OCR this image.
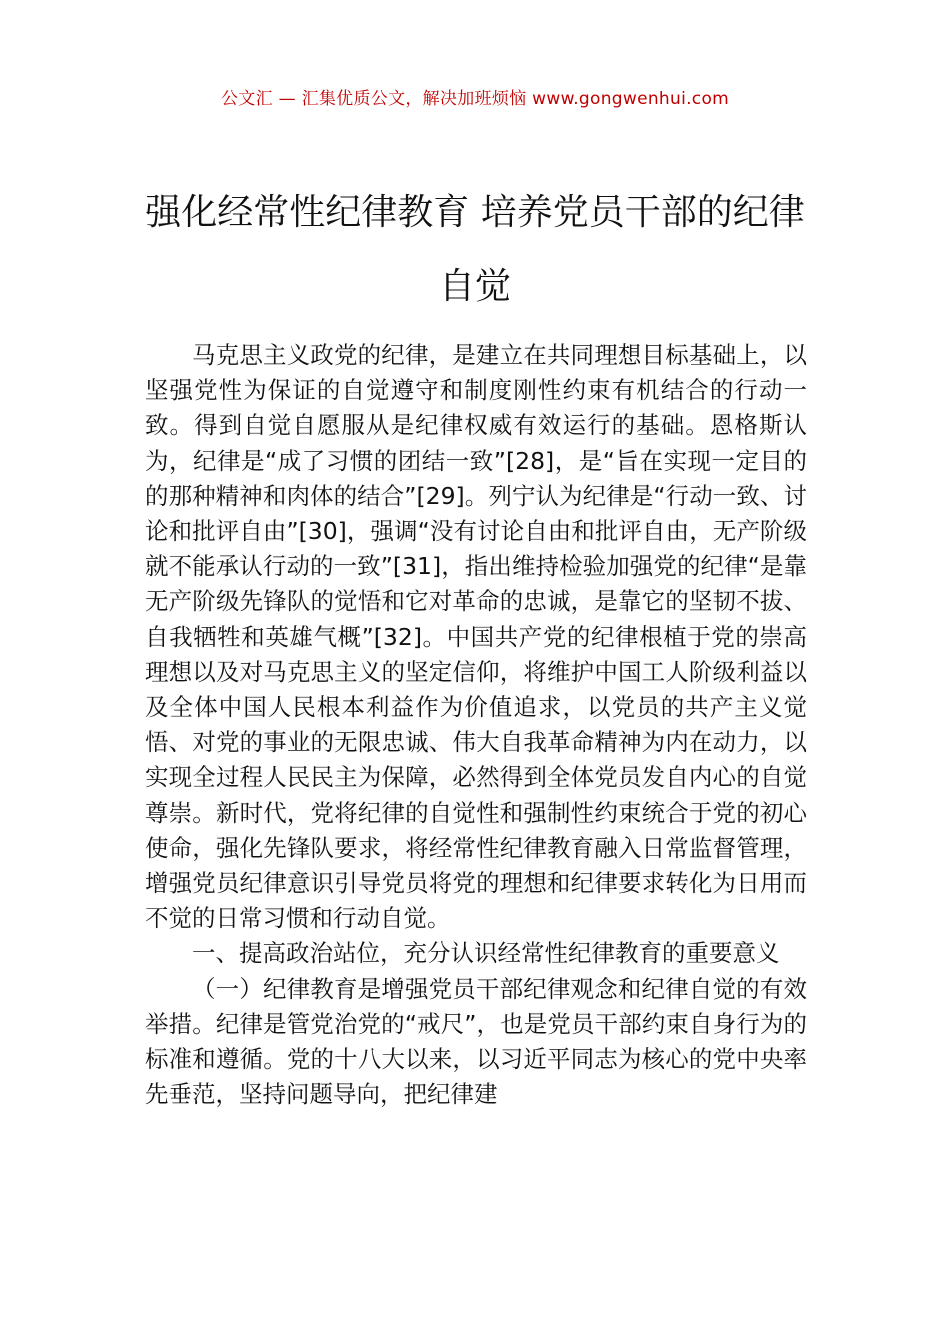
公文汇 — 汇集优质公文，解决加班烦恼 www.gongwenhui.com
强化经常性纪律教育 培养党员干部的纪律自觉

马克思主义政党的纪律，是建立在共同理想目标基础上，以坚强党性为保证的自觉遵守和制度刚性约束有机结合的行动一致。得到自觉自愿服从是纪律权威有效运行的基础。恩格斯认为，纪律是“成了习惯的团结一致”[28]，是“旨在实现一定目的的那种精神和肉体的结合”[29]。列宁认为纪律是“行动一致、讨论和批评自由”[30]，强调“没有讨论自由和批评自由，无产阶级就不能承认行动的一致”[31]，指出维持检验加强党的纪律“是靠无产阶级先锋队的觉悟和它对革命的忠诚，是靠它的坚韧不拔、自我牺牲和英雄气概”[32]。中国共产党的纪律根植于党的崇高理想以及对马克思主义的坚定信仰，将维护中国工人阶级利益以及全体中国人民根本利益作为价值追求，以党员的共产主义觉悟、对党的事业的无限忠诚、伟大自我革命精神为内在动力，以实现全过程人民民主为保障，必然得到全体党员发自内心的自觉尊崇。新时代，党将纪律的自觉性和强制性约束统合于党的初心使命，强化先锋队要求，将经常性纪律教育融入日常监督管理，增强党员纪律意识引导党员将党的理想和纪律要求转化为日用而不觉的日常习惯和行动自觉。

一、提高政治站位，充分认识经常性纪律教育的重要意义

（一）纪律教育是增强党员干部纪律观念和纪律自觉的有效举措。纪律是管党治党的“戒尺”，也是党员干部约束自身行为的标准和遵循。党的十八大以来，以习近平同志为核心的党中央率先垂范，坚持问题导向，把纪律建
